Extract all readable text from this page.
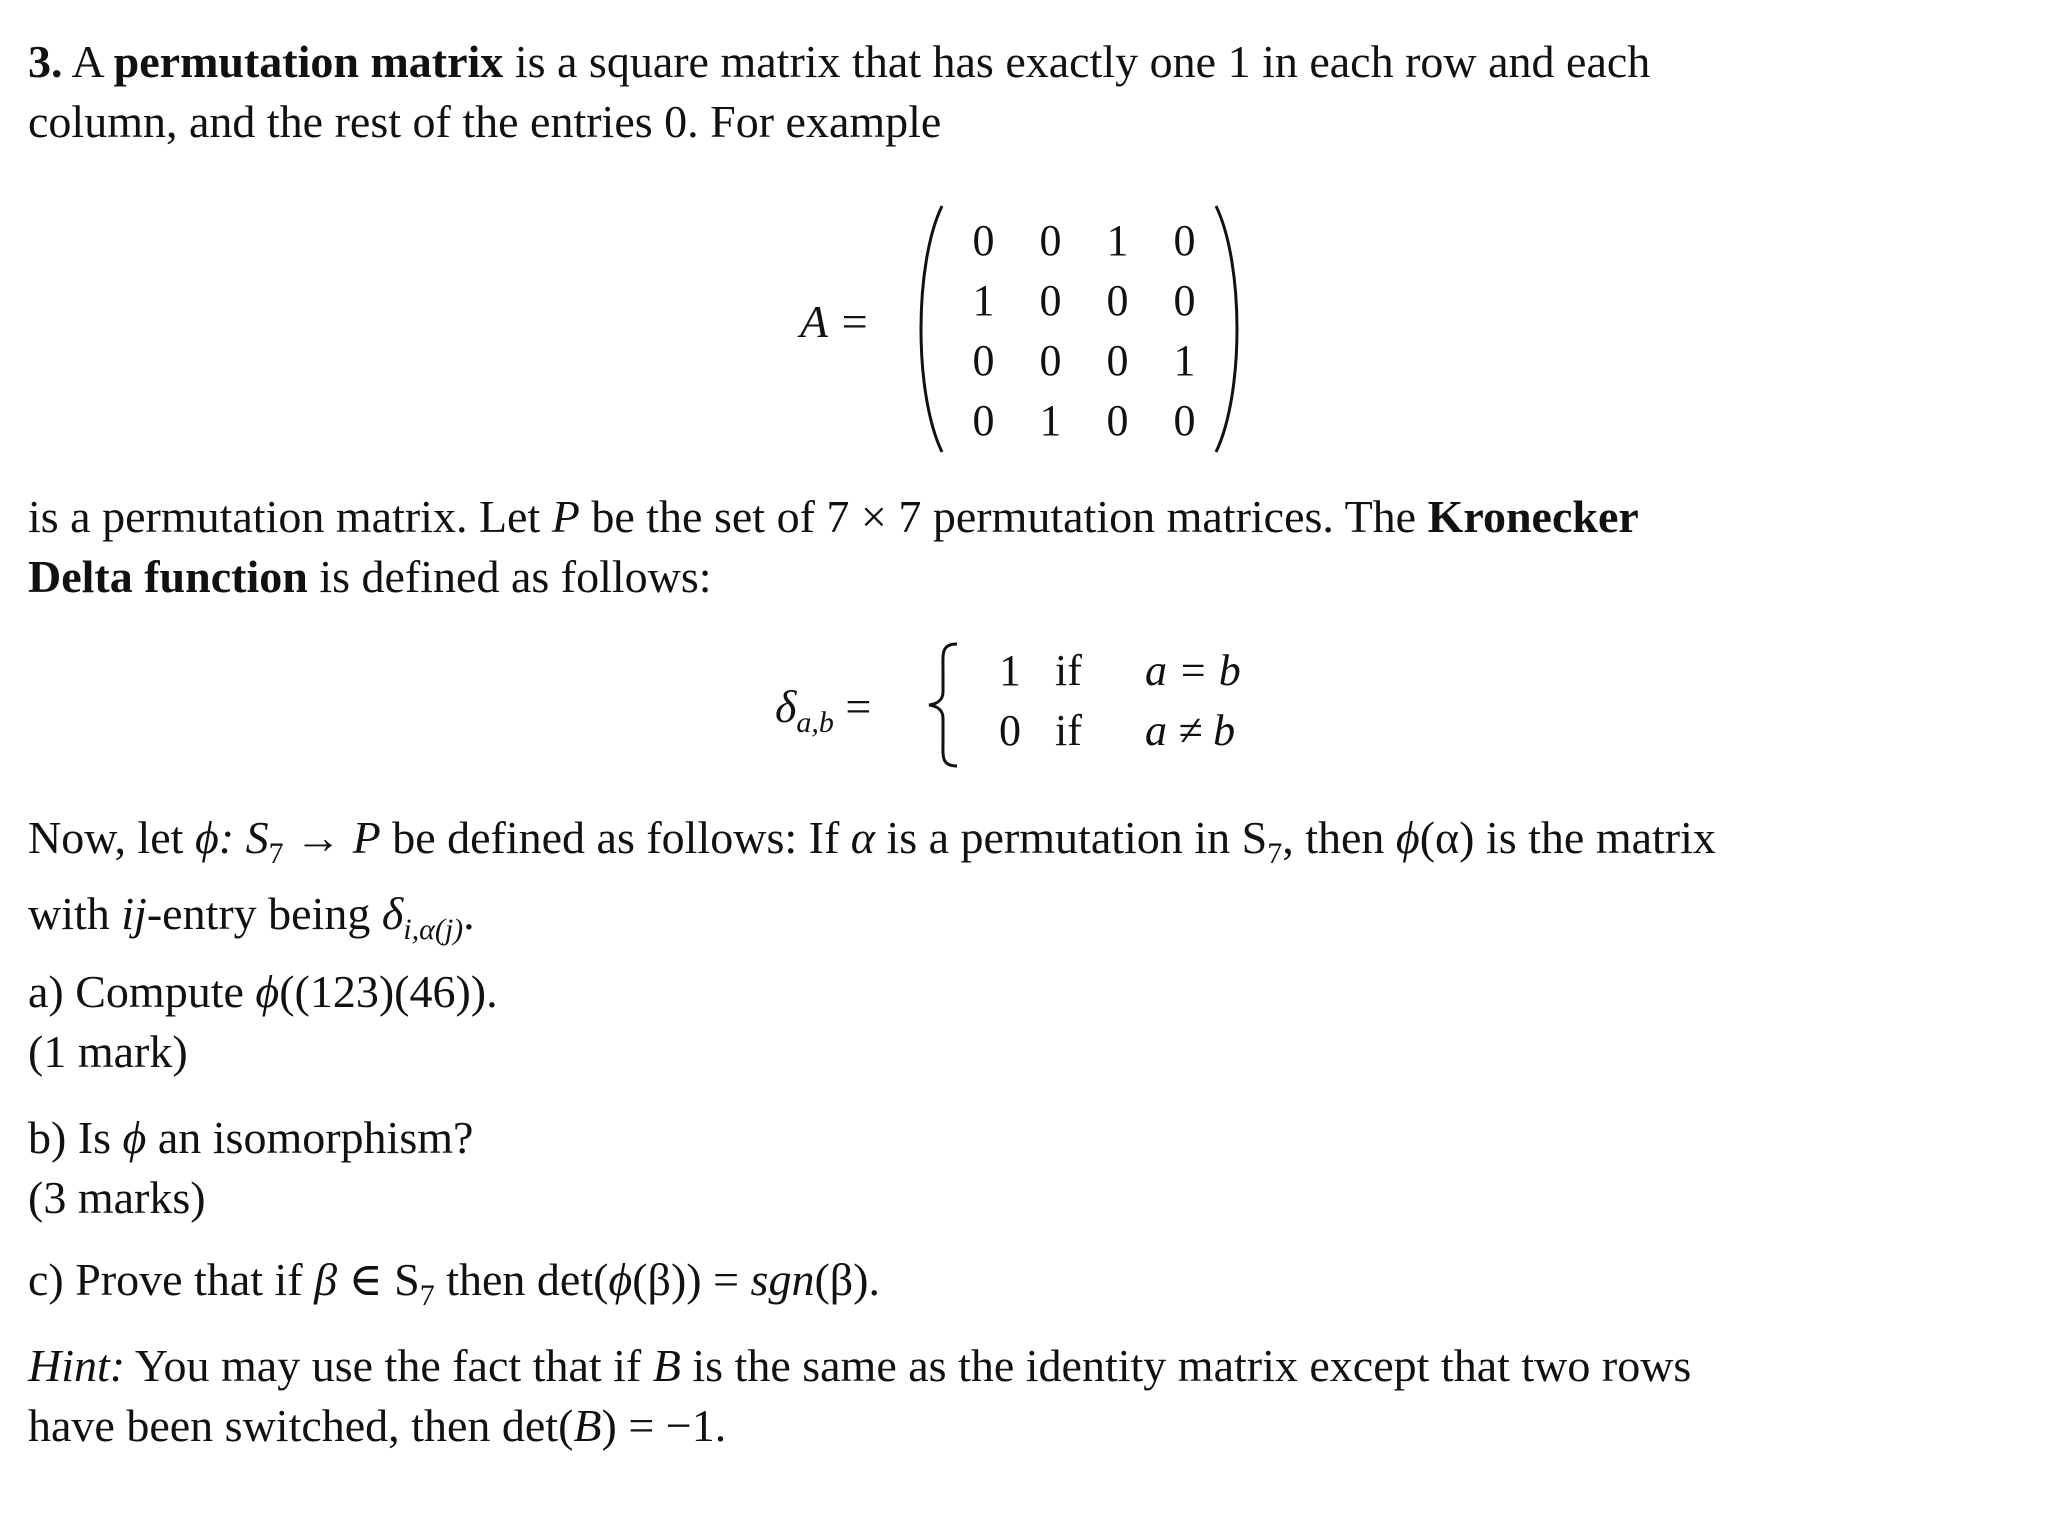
3. A permutation matrix is a square matrix that has exactly one 1 in each row and each
column, and the rest of the entries 0. For example

A =
0	0	1	0
1	0	0	0
0	0	0	1
0	1	0	0

is a permutation matrix. Let P be the set of 7 × 7 permutation matrices. The Kronecker
Delta function is defined as follows:

$\delta_{a,b}$ =
1 if	a = b
0 if	a ≠ b

Now, let ϕ: $S_7 \to P$ be defined as follows: If α is a permutation in $S_7$, then ϕ(α) is the matrix
with ij-entry being $\delta_{i,\alpha(j)}$.

a) Compute ϕ((123)(46)).
(1 mark)

b) Is ϕ an isomorphism?
(3 marks)

c) Prove that if β ∈ $S_7$ then det(ϕ(β)) = sgn(β).

Hint: You may use the fact that if B is the same as the identity matrix except that two rows
have been switched, then det(B) = −1.
